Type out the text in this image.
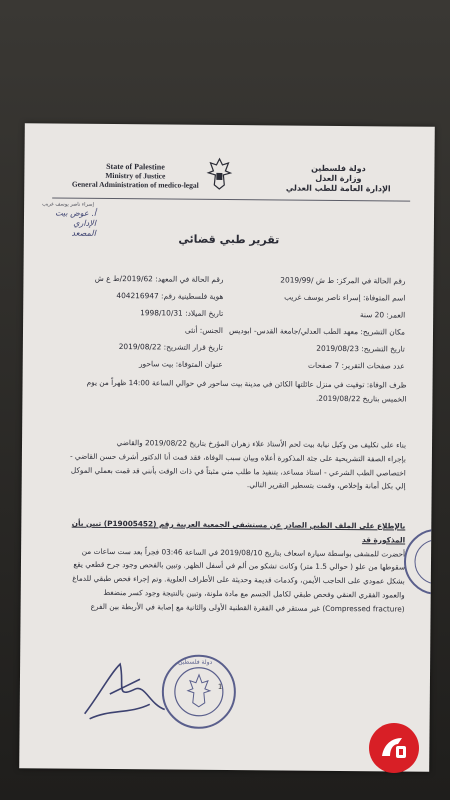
State of Palestine
Ministry of Justice
General Administration of medico-legal
دولة فلسطين
وزارة العدل
الإدارة العامة للطب العدلي
إسراء ناصر يوسف غريب
أ. عوض بيت
الإداري
المصعد	تقرير طبي قضائي
رقم الحالة في المركز: ط ش /2019/99
رقم الحالة في المعهد: 2019/62/ط ع ش
اسم المتوفاة: إسراء ناصر يوسف غريب
هوية فلسطينية رقم: 404216947
العمر: 20 سنة
تاريخ الميلاد: 1998/10/31
مكان التشريح: معهد الطب العدلي/جامعة القدس- ابوديس
الجنس: أنثى
تاريخ التشريح: 2019/08/23
تاريخ قرار التشريح: 2019/08/22
عدد صفحات التقرير: 7 صفحات
عنوان المتوفاة: بيت ساحور
ظرف الوفاة: توفيت في منزل عائلتها الكائن في مدينة بيت ساحور في حوالي الساعة 14:00 ظهراً من يوم
الخميس بتاريخ 2019/08/22.
بناء على تكليف من وكيل نيابة بيت لحم الأستاذ علاء زهران المؤرخ بتاريخ 2019/08/22 والقاضي
بإجراء الصفة التشريحية على جثة المذكورة أعلاه وبيان سبب الوفاة، فقد قمت أنا الدكتور أشرف حسن القاضي -
اختصاصي الطب الشرعي - استاذ مساعد، بتنفيذ ما طلب مني مثبتاً في ذات الوقت بأنني قد قمت بعملي الموكل
إلي بكل أمانة وإخلاص، وقمت بتسطير التقرير التالي.
بالإطلاع على الملف الطبي الصادر عن مستشفى الجمعية العربية رقم (P19005452) تبين بأن المذكورة قد
أحضرت للمشفى بواسطة سيارة اسعاف بتاريخ 2019/08/10 في الساعة 03:46 فجراً بعد ست ساعات من
سقوطها من علو ( حوالي 1.5 متر) وكانت تشكو من ألم في أسفل الظهر. وتبين بالفحص وجود جرح قطعي يقع
بشكل عمودي على الحاجب الأيمن، وكدمات قديمة وحديثة على الأطراف العلوية. وتم إجراء فحص طبقي للدماغ
والعمود الفقري العنقي وفحص طبقي لكامل الجسم مع مادة ملونة، وتبين بالنتيجة وجود كسر منضغط
(Compressed fracture) غير مستقر في الفقرة القطنية الأولى والثانية مع إصابة في الأربطة بين الفرع
دولة فلسطين
1
